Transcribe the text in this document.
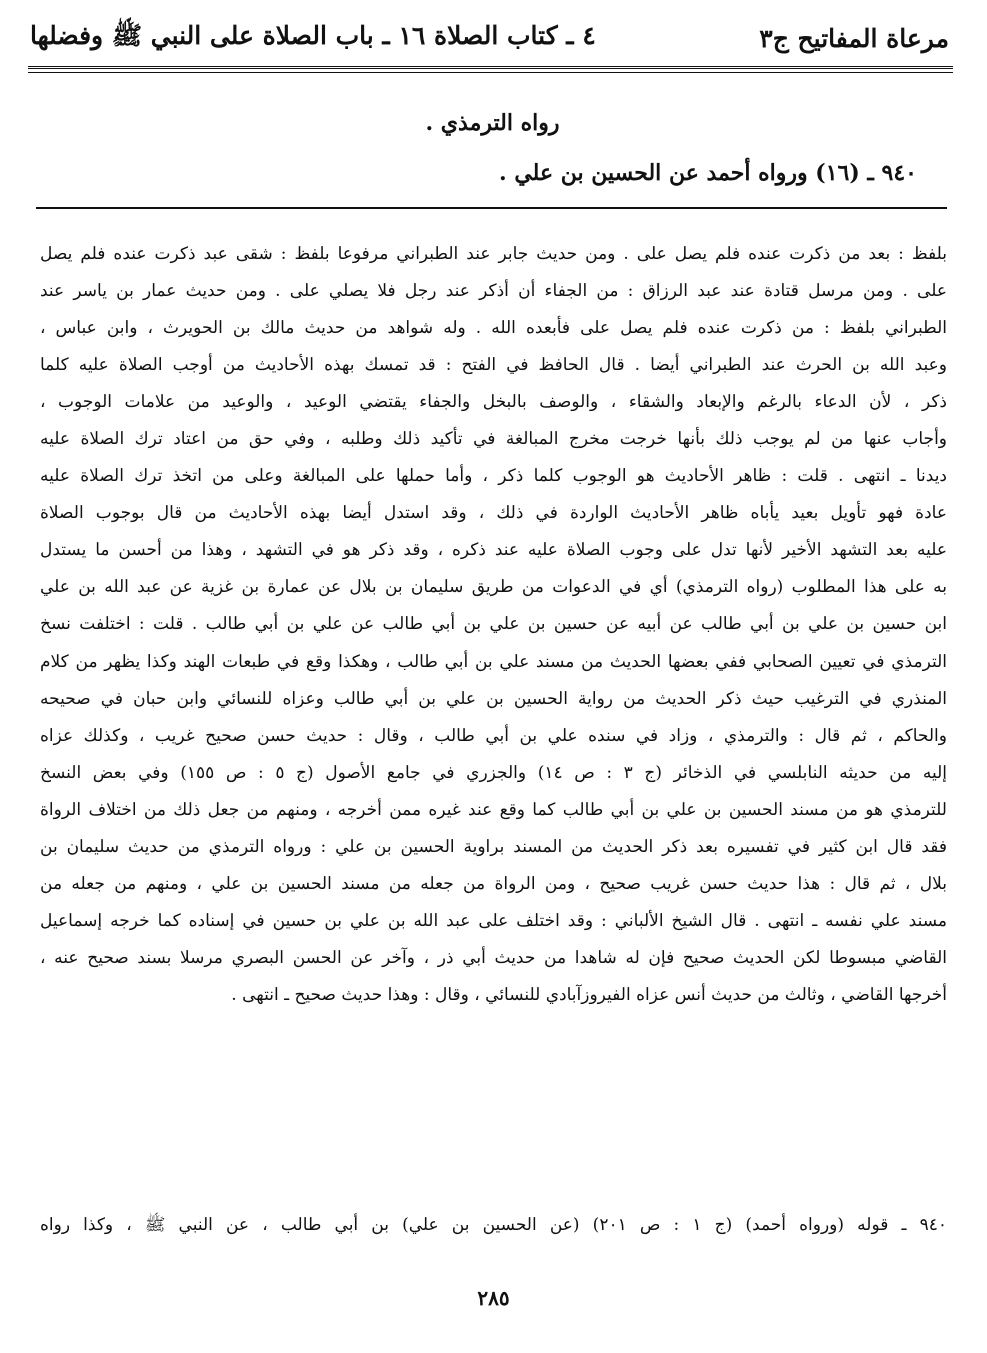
مرعاة المفاتيح ج٣
٤ ـ كتاب الصلاة ١٦ ـ باب الصلاة على النبي ﷺ وفضلها
رواه الترمذي .
٩٤٠ ـ (١٦) ورواه أحمد عن الحسين بن علي .
بلفظ : بعد من ذكرت عنده فلم يصل على . ومن حديث جابر عند الطبراني مرفوعا بلفظ : شقى عبد ذكرت عنده فلم يصل
على . ومن مرسل قتادة عند عبد الرزاق : من الجفاء أن أذكر عند رجل فلا يصلي على . ومن حديث عمار بن ياسر عند
الطبراني بلفظ : من ذكرت عنده فلم يصل على فأبعده الله . وله شواهد من حديث مالك بن الحويرث ، وابن عباس ،
وعبد الله بن الحرث عند الطبراني أيضا . قال الحافظ في الفتح : قد تمسك بهذه الأحاديث من أوجب الصلاة عليه كلما
ذكر ، لأن الدعاء بالرغم والإبعاد والشقاء ، والوصف بالبخل والجفاء يقتضي الوعيد ، والوعيد من علامات الوجوب ،
وأجاب عنها من لم يوجب ذلك بأنها خرجت مخرج المبالغة في تأكيد ذلك وطلبه ، وفي حق من اعتاد ترك الصلاة عليه
ديدنا ـ انتهى . قلت : ظاهر الأحاديث هو الوجوب كلما ذكر ، وأما حملها على المبالغة وعلى من اتخذ ترك الصلاة عليه
عادة فهو تأويل بعيد يأباه ظاهر الأحاديث الواردة في ذلك ، وقد استدل أيضا بهذه الأحاديث من قال بوجوب الصلاة
عليه بعد التشهد الأخير لأنها تدل على وجوب الصلاة عليه عند ذكره ، وقد ذكر هو في التشهد ، وهذا من أحسن ما يستدل
به على هذا المطلوب (رواه الترمذي) أي في الدعوات من طريق سليمان بن بلال عن عمارة بن غزية عن عبد الله بن علي
ابن حسين بن علي بن أبي طالب عن أبيه عن حسين بن علي بن أبي طالب عن علي بن أبي طالب . قلت : اختلفت نسخ
الترمذي في تعيين الصحابي ففي بعضها الحديث من مسند علي بن أبي طالب ، وهكذا وقع في طبعات الهند وكذا يظهر من كلام
المنذري في الترغيب حيث ذكر الحديث من رواية الحسين بن علي بن أبي طالب وعزاه للنسائي وابن حبان في صحيحه
والحاكم ، ثم قال : والترمذي ، وزاد في سنده علي بن أبي طالب ، وقال : حديث حسن صحيح غريب ، وكذلك عزاه
إليه من حديثه النابلسي في الذخائر (ج ٣ : ص ١٤) والجزري في جامع الأصول (ج ٥ : ص ١٥٥) وفي بعض النسخ
للترمذي هو من مسند الحسين بن علي بن أبي طالب كما وقع عند غيره ممن أخرجه ، ومنهم من جعل ذلك من اختلاف الرواة
فقد قال ابن كثير في تفسيره بعد ذكر الحديث من المسند براوية الحسين بن علي : ورواه الترمذي من حديث سليمان بن
بلال ، ثم قال : هذا حديث حسن غريب صحيح ، ومن الرواة من جعله من مسند الحسين بن علي ، ومنهم من جعله من
مسند علي نفسه ـ انتهى . قال الشيخ الألباني : وقد اختلف على عبد الله بن علي بن حسين في إسناده كما خرجه إسماعيل
القاضي مبسوطا لكن الحديث صحيح فإن له شاهدا من حديث أبي ذر ، وآخر عن الحسن البصري مرسلا بسند صحيح عنه ،
أخرجها القاضي ، وثالث من حديث أنس عزاه الفيروزآبادي للنسائي ، وقال : وهذا حديث صحيح ـ انتهى .
٩٤٠ ـ قوله (ورواه أحمد) (ج ١ : ص ٢٠١) (عن الحسين بن علي) بن أبي طالب ، عن النبي ﷺ ، وكذا رواه
٢٨٥
